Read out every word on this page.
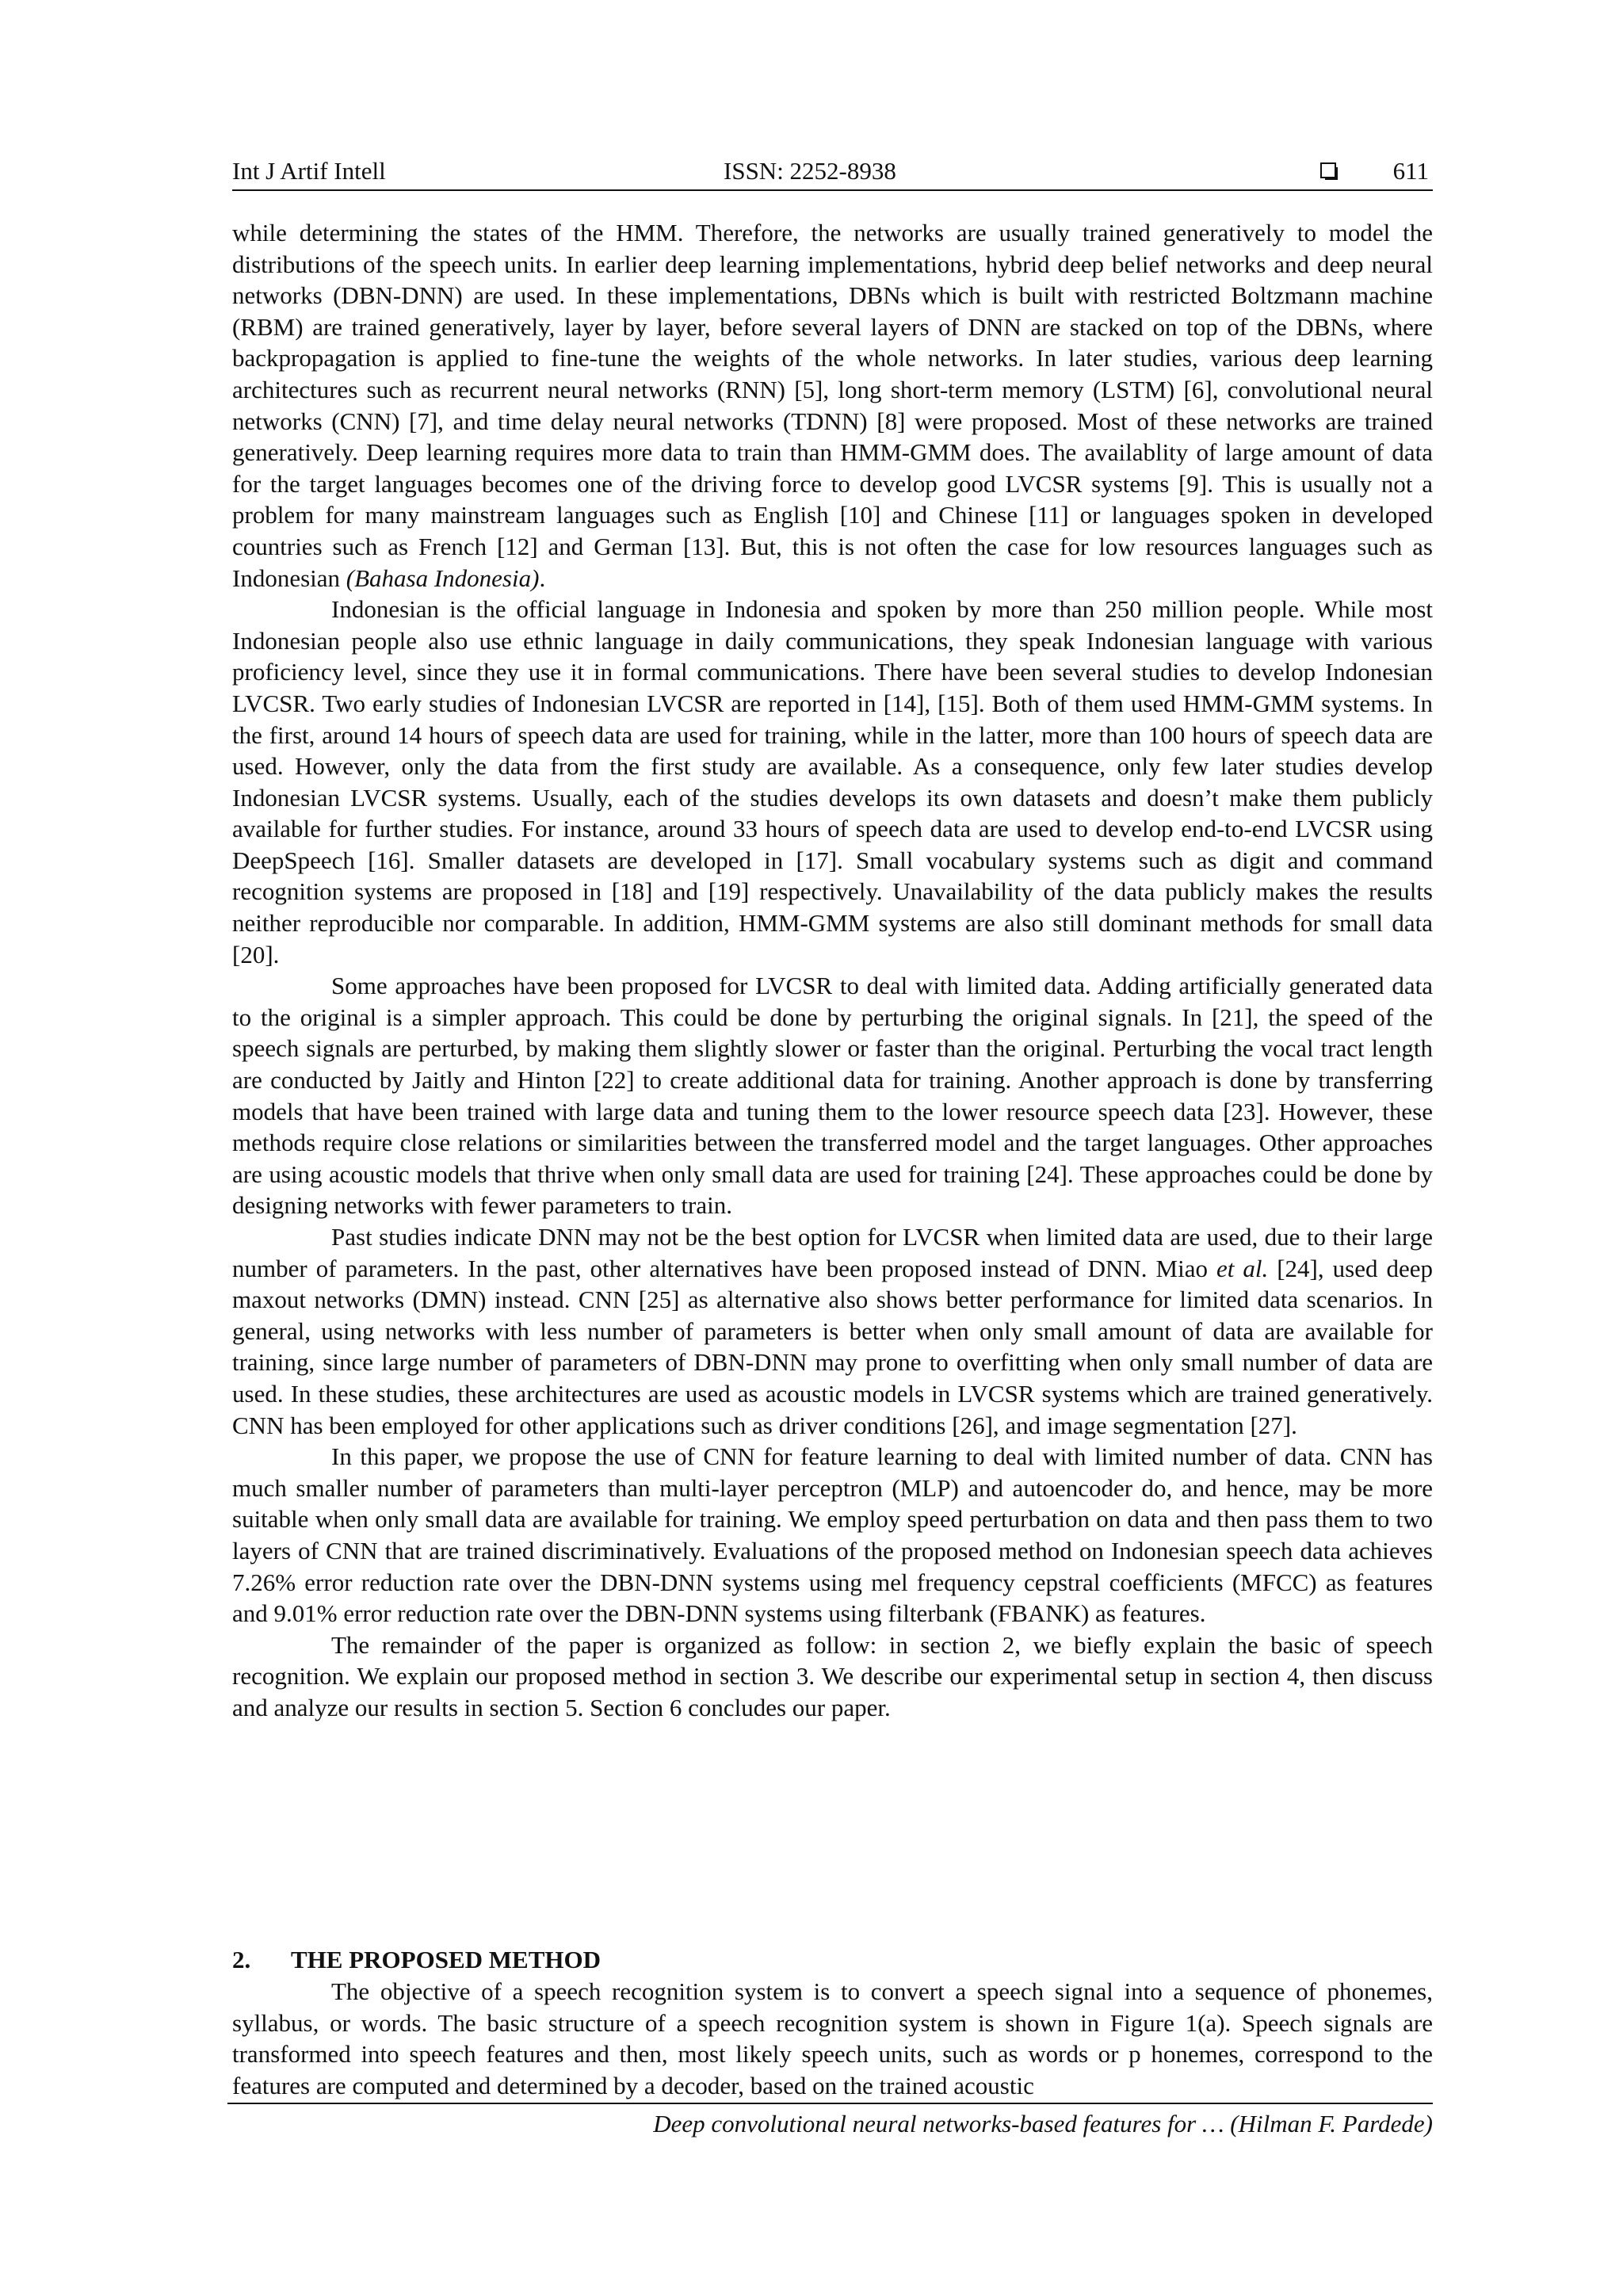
Int J Artif Intell	ISSN: 2252-8938	611

while determining the states of the HMM. Therefore, the networks are usually trained generatively to model the distributions of the speech units. In earlier deep learning implementations, hybrid deep belief networks and deep neural networks (DBN-DNN) are used. In these implementations, DBNs which is built with restricted Boltzmann machine (RBM) are trained generatively, layer by layer, before several layers of DNN are stacked on top of the DBNs, where backpropagation is applied to fine-tune the weights of the whole networks. In later studies, various deep learning architectures such as recurrent neural networks (RNN) [5], long short-term memory (LSTM) [6], convolutional neural networks (CNN) [7], and time delay neural networks (TDNN) [8] were proposed. Most of these networks are trained generatively. Deep learning requires more data to train than HMM-GMM does. The availablity of large amount of data for the target languages becomes one of the driving force to develop good LVCSR systems [9]. This is usually not a problem for many mainstream languages such as English [10] and Chinese [11] or languages spoken in developed countries such as French [12] and German [13]. But, this is not often the case for low resources languages such as Indonesian (Bahasa Indonesia).

Indonesian is the official language in Indonesia and spoken by more than 250 million people. While most Indonesian people also use ethnic language in daily communications, they speak Indonesian language with various proficiency level, since they use it in formal communications. There have been several studies to develop Indonesian LVCSR. Two early studies of Indonesian LVCSR are reported in [14], [15]. Both of them used HMM-GMM systems. In the first, around 14 hours of speech data are used for training, while in the latter, more than 100 hours of speech data are used. However, only the data from the first study are available. As a consequence, only few later studies develop Indonesian LVCSR systems. Usually, each of the studies develops its own datasets and doesn’t make them publicly available for further studies. For instance, around 33 hours of speech data are used to develop end-to-end LVCSR using DeepSpeech [16]. Smaller datasets are developed in [17]. Small vocabulary systems such as digit and command recognition systems are proposed in [18] and [19] respectively. Unavailability of the data publicly makes the results neither reproducible nor comparable. In addition, HMM-GMM systems are also still dominant methods for small data [20].

Some approaches have been proposed for LVCSR to deal with limited data. Adding artificially generated data to the original is a simpler approach. This could be done by perturbing the original signals. In [21], the speed of the speech signals are perturbed, by making them slightly slower or faster than the original. Perturbing the vocal tract length are conducted by Jaitly and Hinton [22] to create additional data for training. Another approach is done by transferring models that have been trained with large data and tuning them to the lower resource speech data [23]. However, these methods require close relations or similarities between the transferred model and the target languages. Other approaches are using acoustic models that thrive when only small data are used for training [24]. These approaches could be done by designing networks with fewer parameters to train.

Past studies indicate DNN may not be the best option for LVCSR when limited data are used, due to their large number of parameters. In the past, other alternatives have been proposed instead of DNN. Miao et al. [24], used deep maxout networks (DMN) instead. CNN [25] as alternative also shows better performance for limited data scenarios. In general, using networks with less number of parameters is better when only small amount of data are available for training, since large number of parameters of DBN-DNN may prone to overfitting when only small number of data are used. In these studies, these architectures are used as acoustic models in LVCSR systems which are trained generatively. CNN has been employed for other applications such as driver conditions [26], and image segmentation [27].

In this paper, we propose the use of CNN for feature learning to deal with limited number of data. CNN has much smaller number of parameters than multi-layer perceptron (MLP) and autoencoder do, and hence, may be more suitable when only small data are available for training. We employ speed perturbation on data and then pass them to two layers of CNN that are trained discriminatively. Evaluations of the proposed method on Indonesian speech data achieves 7.26% error reduction rate over the DBN-DNN systems using mel frequency cepstral coefficients (MFCC) as features and 9.01% error reduction rate over the DBN-DNN systems using filterbank (FBANK) as features.

The remainder of the paper is organized as follow: in section 2, we biefly explain the basic of speech recognition. We explain our proposed method in section 3. We describe our experimental setup in section 4, then discuss and analyze our results in section 5. Section 6 concludes our paper.

2. THE PROPOSED METHOD

The objective of a speech recognition system is to convert a speech signal into a sequence of phonemes, syllabus, or words. The basic structure of a speech recognition system is shown in Figure 1(a). Speech signals are transformed into speech features and then, most likely speech units, such as words or p honemes, correspond to the features are computed and determined by a decoder, based on the trained acoustic

Deep convolutional neural networks-based features for … (Hilman F. Pardede)
